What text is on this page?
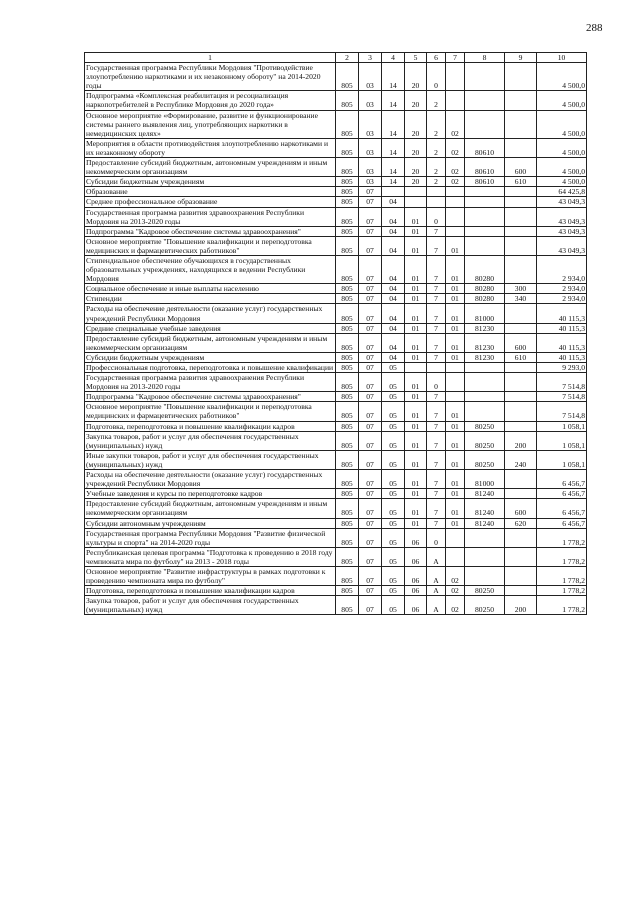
288
1	2	3	4	5	6	7	8	9	10
Государственная программа Республики Мордовия "Противодействие злоупотреблению наркотиками и их незаконному обороту" на 2014-2020 годы	805	03	14	20	0				4 500,0
Подпрограмма «Комплексная реабилитация и ресоциализация наркопотребителей в Республике Мордовия до 2020 года»	805	03	14	20	2				4 500,0
Основное мероприятие «Формирование, развитие и функционирование системы раннего выявления лиц, употребляющих наркотики в немедицинских целях»	805	03	14	20	2	02			4 500,0
Мероприятия в области противодействия злоупотреблению наркотиками и их незаконному обороту	805	03	14	20	2	02	80610		4 500,0
Предоставление субсидий бюджетным, автономным учреждениям и иным некоммерческим организациям	805	03	14	20	2	02	80610	600	4 500,0
Субсидии бюджетным учреждениям	805	03	14	20	2	02	80610	610	4 500,0
Образование	805	07							64 425,8
Среднее профессиональное образование	805	07	04						43 049,3
Государственная программа развития здравоохранения Республики Мордовия на 2013-2020 годы	805	07	04	01	0				43 049,3
Подпрограмма "Кадровое обеспечение системы здравоохранения"	805	07	04	01	7				43 049,3
Основное мероприятие "Повышение квалификации и переподготовка медицинских и фармацевтических работников"	805	07	04	01	7	01			43 049,3
Стипендиальное обеспечение обучающихся в государственных образовательных учреждениях, находящихся в ведении Республики Мордовия	805	07	04	01	7	01	80280		2 934,0
Социальное обеспечение и иные выплаты населению	805	07	04	01	7	01	80280	300	2 934,0
Стипендии	805	07	04	01	7	01	80280	340	2 934,0
Расходы на обеспечение деятельности (оказание услуг) государственных учреждений Республики Мордовия	805	07	04	01	7	01	81000		40 115,3
Средние специальные учебные заведения	805	07	04	01	7	01	81230		40 115,3
Предоставление субсидий бюджетным, автономным учреждениям и иным некоммерческим организациям	805	07	04	01	7	01	81230	600	40 115,3
Субсидии бюджетным учреждениям	805	07	04	01	7	01	81230	610	40 115,3
Профессиональная подготовка, переподготовка и повышение квалификации	805	07	05						9 293,0
Государственная программа развития здравоохранения Республики Мордовия на 2013-2020 годы	805	07	05	01	0				7 514,8
Подпрограмма "Кадровое обеспечение системы здравоохранения"	805	07	05	01	7				7 514,8
Основное мероприятие "Повышение квалификации и переподготовка медицинских и фармацевтических работников"	805	07	05	01	7	01			7 514,8
Подготовка, переподготовка и повышение квалификации кадров	805	07	05	01	7	01	80250		1 058,1
Закупка товаров, работ и услуг для обеспечения государственных (муниципальных) нужд	805	07	05	01	7	01	80250	200	1 058,1
Иные закупки товаров, работ и услуг для обеспечения государственных (муниципальных) нужд	805	07	05	01	7	01	80250	240	1 058,1
Расходы на обеспечение деятельности (оказание услуг) государственных учреждений Республики Мордовия	805	07	05	01	7	01	81000		6 456,7
Учебные заведения и курсы по переподготовке кадров	805	07	05	01	7	01	81240		6 456,7
Предоставление субсидий бюджетным, автономным учреждениям и иным некоммерческим организациям	805	07	05	01	7	01	81240	600	6 456,7
Субсидии автономным учреждениям	805	07	05	01	7	01	81240	620	6 456,7
Государственная программа Республики Мордовия "Развитие физической культуры и спорта" на 2014-2020 годы	805	07	05	06	0				1 778,2
Республиканская целевая программа "Подготовка к проведению в 2018 году чемпионата мира по футболу" на 2013 - 2018 годы	805	07	05	06	А				1 778,2
Основное мероприятие "Развитие инфраструктуры в рамках подготовки к проведению чемпионата мира по футболу"	805	07	05	06	А	02			1 778,2
Подготовка, переподготовка и повышение квалификации кадров	805	07	05	06	А	02	80250		1 778,2
Закупка товаров, работ и услуг для обеспечения государственных (муниципальных) нужд	805	07	05	06	А	02	80250	200	1 778,2
